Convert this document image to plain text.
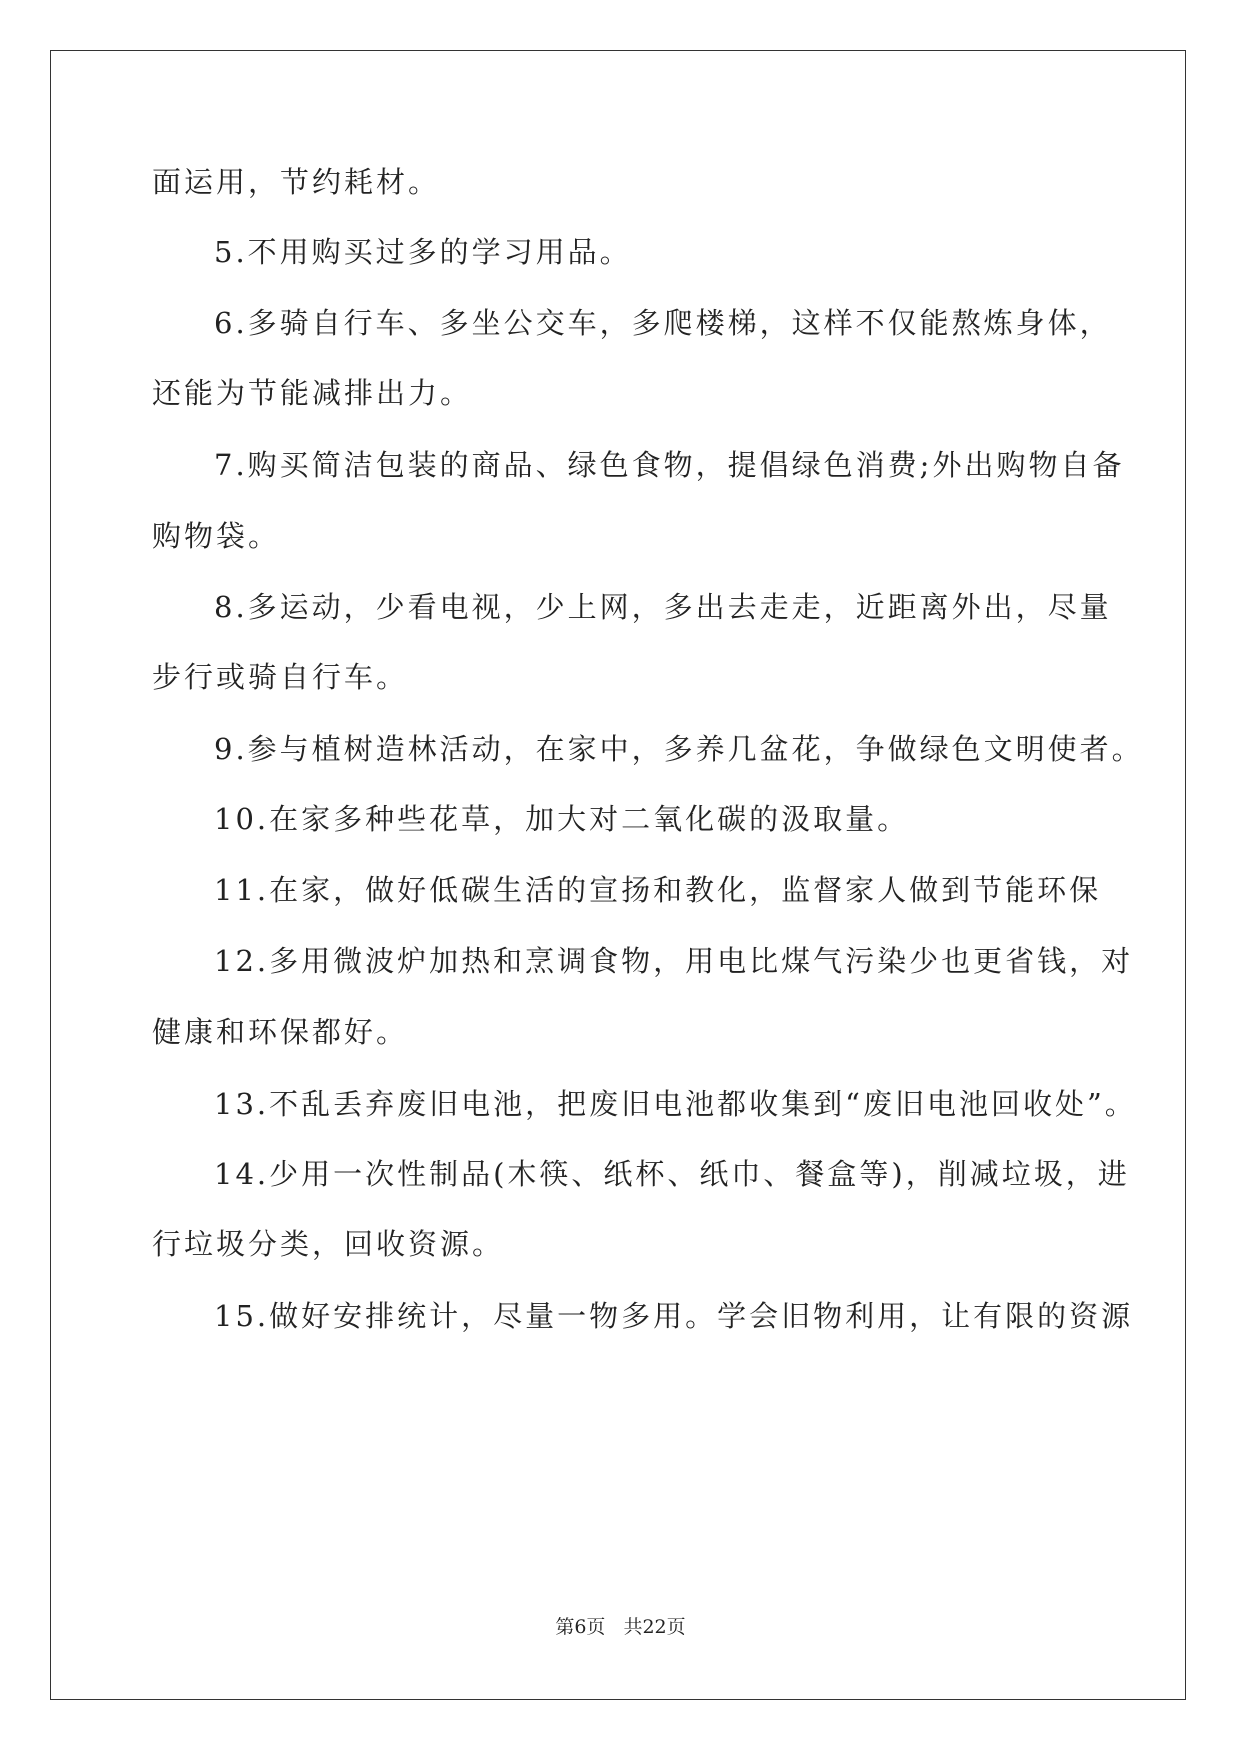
面运用，节约耗材。
5.不用购买过多的学习用品。
6.多骑自行车、多坐公交车，多爬楼梯，这样不仅能熬炼身体，
还能为节能减排出力。
7.购买简洁包装的商品、绿色食物，提倡绿色消费;外出购物自备
购物袋。
8.多运动，少看电视，少上网，多出去走走，近距离外出，尽量
步行或骑自行车。
9.参与植树造林活动，在家中，多养几盆花，争做绿色文明使者。
10.在家多种些花草，加大对二氧化碳的汲取量。
11.在家，做好低碳生活的宣扬和教化，监督家人做到节能环保
12.多用微波炉加热和烹调食物，用电比煤气污染少也更省钱，对
健康和环保都好。
13.不乱丢弃废旧电池，把废旧电池都收集到“废旧电池回收处”。
14.少用一次性制品(木筷、纸杯、纸巾、餐盒等)，削减垃圾，进
行垃圾分类，回收资源。
15.做好安排统计，尽量一物多用。学会旧物利用，让有限的资源
第6页 共22页
